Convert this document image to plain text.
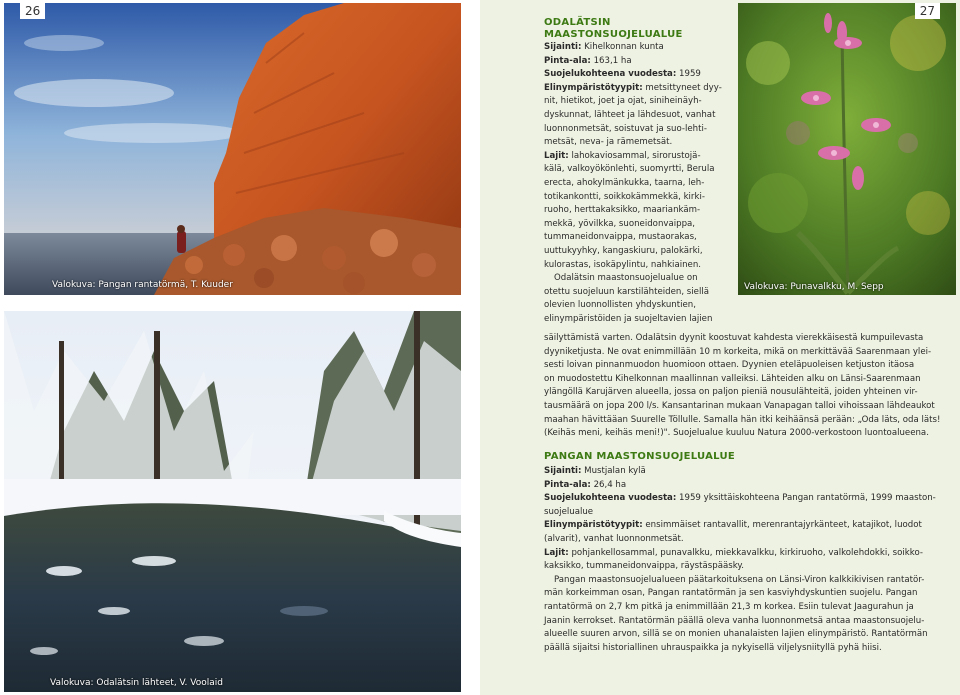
Valokuva: Pangan rantatörmä, T. Kuuder
Valokuva: Odalätsin lähteet, V. Voolaid
26
Valokuva: Punavalkku, M. Sepp
27
ODALÄTSIN
MAASTONSUOJELUALUE
Sijainti: Kihelkonnan kunta
Pinta-ala: 163,1 ha
Suojelukohteena vuodesta: 1959
Elinympäristötyypit: metsittyneet dyy-
nit, hietikot, joet ja ojat, siniheinäyh-
dyskunnat, lähteet ja lähdesuot, vanhat
luonnonmetsät, soistuvat ja suo-lehti-
metsät, neva- ja rämemetsät.
Lajit: lahokaviosammal, sirorustojä-
kälä, valkoyökönlehti, suomyrtti, Berula
erecta, ahokylmänkukka, taarna, leh-
totikankontti, soikkokämmekkä, kirki-
ruoho, herttakaksikko, maariankäm-
mekkä, yövilkka, suoneidonvaippa,
tummaneidonvaippa, mustaorakas,
uuttukyyhky, kangaskiuru, palokärki,
kulorastas, isokäpylintu, nahkiainen.
Odalätsin maastonsuojelualue on
otettu suojeluun karstilähteiden, siellä
olevien luonnollisten yhdyskuntien,
elinympäristöiden ja suojeltavien lajien
säilyttämistä varten. Odalätsin dyynit koostuvat kahdesta vierekkäisestä kumpuilevasta
dyyniketjusta. Ne ovat enimmillään 10 m korkeita, mikä on merkittävää Saarenmaan ylei-
sesti loivan pinnanmuodon huomioon ottaen. Dyynien eteläpuoleisen ketjuston itäosa
on muodostettu Kihelkonnan maallinnan valleiksi. Lähteiden alku on Länsi-Saarenmaan
ylängöllä Karujärven alueella, jossa on paljon pieniä nousulähteitä, joiden yhteinen vir-
tausmäärä on jopa 200 l/s. Kansantarinan mukaan Vanapagan talloi vihoissaan lähdeaukot
maahan hävittääan Suurelle Töllulle. Samalla hän itki keihäänsä perään: „Oda läts, oda läts!
(Keihäs meni, keihäs meni!)". Suojelualue kuuluu Natura 2000-verkostoon luontoalueena.
PANGAN MAASTONSUOJELUALUE
Sijainti: Mustjalan kylä
Pinta-ala: 26,4 ha
Suojelukohteena vuodesta: 1959 yksittäiskohteena Pangan rantatörmä, 1999 maaston-
suojelualue
Elinympäristötyypit: ensimmäiset rantavallit, merenrantajyrkänteet, katajikot, luodot
(alvarit), vanhat luonnonmetsät.
Lajit: pohjankellosammal, punavalkku, miekkavalkku, kirkiruoho, valkolehdokki, soikko-
kaksikko, tummaneidonvaippa, räystäspääsky.
Pangan maastonsuojelualueen päätarkoituksena on Länsi-Viron kalkkikivisen rantatör-
män korkeimman osan, Pangan rantatörmän ja sen kasviyhdyskuntien suojelu. Pangan
rantatörmä on 2,7 km pitkä ja enimmillään 21,3 m korkea. Esiin tulevat Jaagurahun ja
Jaanin kerrokset. Rantatörmän päällä oleva vanha luonnonmetsä antaa maastonsuojelu-
alueelle suuren arvon, sillä se on monien uhanalaisten lajien elinympäristö. Rantatörmän
päällä sijaitsi historiallinen uhrauspaikka ja nykyisellä viljelysniityllä pyhä hiisi.
